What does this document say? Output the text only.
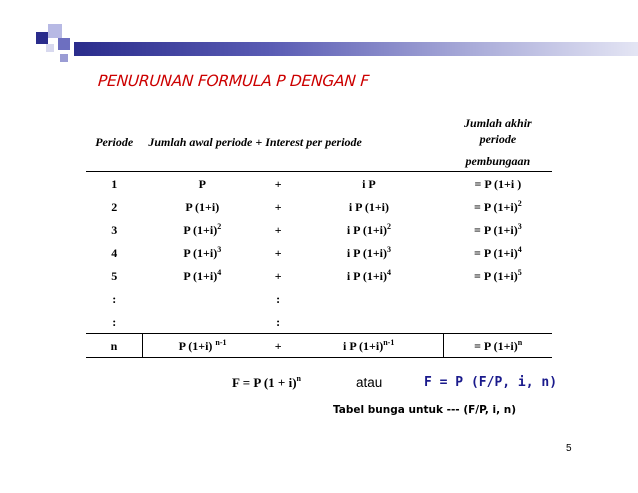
PENURUNAN FORMULA P DENGAN F
Periode	Jumlah awal periode + Interest per periode			Jumlah akhir
periode
pembungaan

1	P	+	i P	= P (1+i )
2	P (1+i)	+	i P (1+i)	= P $(1+i)^2$
3	P $(1+i)^2$	+	i P $(1+i)^2$	= P $(1+i)^3$
4	P $(1+i)^3$	+	i P $(1+i)^3$	= P $(1+i)^4$
5	P $(1+i)^4$	+	i P $(1+i)^4$	= P $(1+i)^5$
:		:		
:		:		
n	P (1+i) $^{n-1}$	+	i P $(1+i)^{n-1}$	= P $(1+i)^n$
F = P $(1 + i)^n$	atau	F = P (F/P, i, n)
Tabel bunga untuk --- (F/P, i, n)
5
